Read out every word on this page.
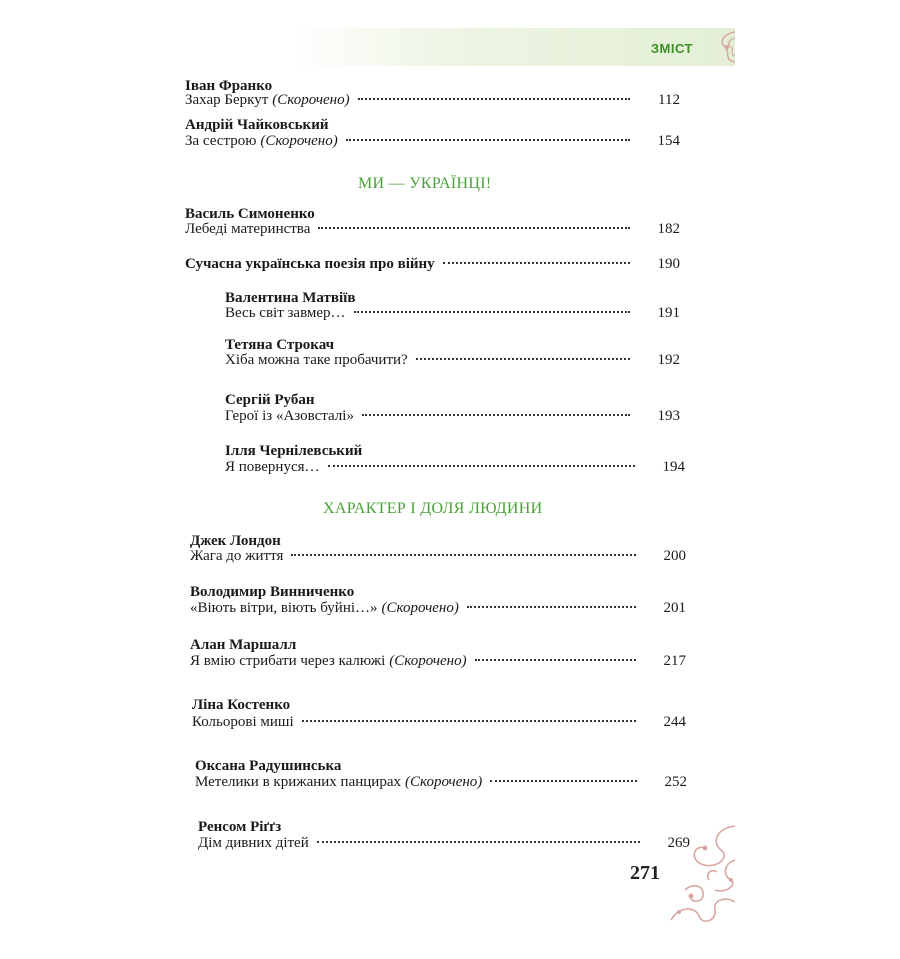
ЗМІСТ
Іван Франко
Захар Беркут (Скорочено)	112
Андрій Чайковський
За сестрою (Скорочено)	154
МИ — УКРАЇНЦІ!
Василь Симоненко
Лебеді материнства	182
Сучасна українська поезія про війну	190
Валентина Матвіїв
Весь світ завмер…	191
Тетяна Строкач
Хіба можна таке пробачити?	192
Сергій Рубан
Герої із «Азовсталі»	193
Ілля Чернілевський
Я повернуся…	194
ХАРАКТЕР І ДОЛЯ ЛЮДИНИ
Джек Лондон
Жага до життя	200
Володимир Винниченко
«Віють вітри, віють буйні…» (Скорочено)	201
Алан Маршалл
Я вмію стрибати через калюжі (Скорочено)	217
Ліна Костенко
Кольорові миші	244
Оксана Радушинська
Метелики в крижаних панцирах (Скорочено)	252
Ренсом Ріґґз
Дім дивних дітей	269
271
